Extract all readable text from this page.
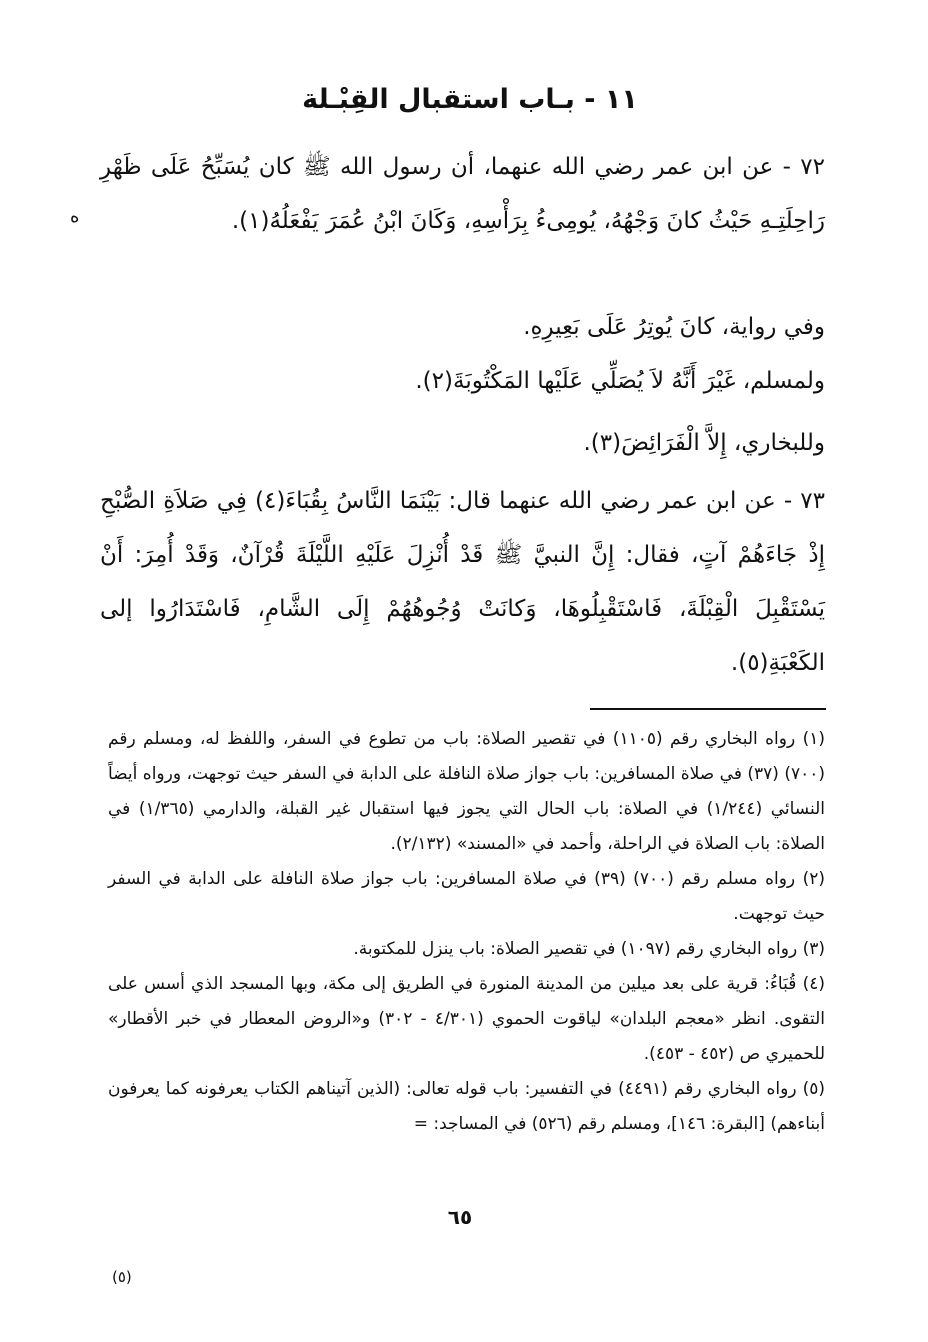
١١ - بـاب استقبال القِبْـلة
٧٢ - عن ابن عمر رضي الله عنهما، أن رسول الله ﷺ كان يُسَبِّحُ عَلَى ظَهْرِ رَاحِلَتِـهِ حَيْثُ كانَ وَجْهُهُ، يُومِىءُ بِرَأْسِهِ، وَكَانَ ابْنُ عُمَرَ يَفْعَلُهُ(١).
ه
وفي رواية، كانَ يُوتِرُ عَلَى بَعِيرِهِ.
ولمسلم، غَيْرَ أَنَّهُ لاَ يُصَلِّي عَلَيْها المَكْتُوبَةَ(٢).
وللبخاري، إِلاَّ الْفَرَائِضَ(٣).
٧٣ - عن ابن عمر رضي الله عنهما قال: بَيْنَمَا النَّاسُ بِقُبَاءَ(٤) فِي صَلاَةِ الصُّبْحِ إِذْ جَاءَهُمْ آتٍ، فقال: إِنَّ النبيَّ ﷺ قَدْ أُنْزِلَ عَلَيْهِ اللَّيْلَةَ قُرْآنٌ، وَقَدْ أُمِرَ: أَنْ يَسْتَقْبِلَ الْقِبْلَةَ، فَاسْتَقْبِلُوهَا، وَكانَتْ وُجُوهُهُمْ إِلَى الشَّامِ، فَاسْتَدَارُوا إلى الكَعْبَةِ(٥).
(١) رواه البخاري رقم (١١٠٥) في تقصير الصلاة: باب من تطوع في السفر، واللفظ له، ومسلم رقم (٧٠٠) (٣٧) في صلاة المسافرين: باب جواز صلاة النافلة على الدابة في السفر حيث توجهت، ورواه أيضاً النسائي (١/٢٤٤) في الصلاة: باب الحال التي يجوز فيها استقبال غير القبلة، والدارمي (١/٣٦٥) في الصلاة: باب الصلاة في الراحلة، وأحمد في «المسند» (٢/١٣٢).
(٢) رواه مسلم رقم (٧٠٠) (٣٩) في صلاة المسافرين: باب جواز صلاة النافلة على الدابة في السفر حيث توجهت.
(٣) رواه البخاري رقم (١٠٩٧) في تقصير الصلاة: باب ينزل للمكتوبة.
(٤) قُبَاءُ: قرية على بعد ميلين من المدينة المنورة في الطريق إلى مكة، وبها المسجد الذي أسس على التقوى. انظر «معجم البلدان» لياقوت الحموي (٤/٣٠١ - ٣٠٢) و«الروض المعطار في خبر الأقطار» للحميري ص (٤٥٢ - ٤٥٣).
(٥) رواه البخاري رقم (٤٤٩١) في التفسير: باب قوله تعالى: (الذين آتيناهم الكتاب يعرفونه كما يعرفون أبناءهم) [البقرة: ١٤٦]، ومسلم رقم (٥٢٦) في المساجد: =
٦٥
(٥)
